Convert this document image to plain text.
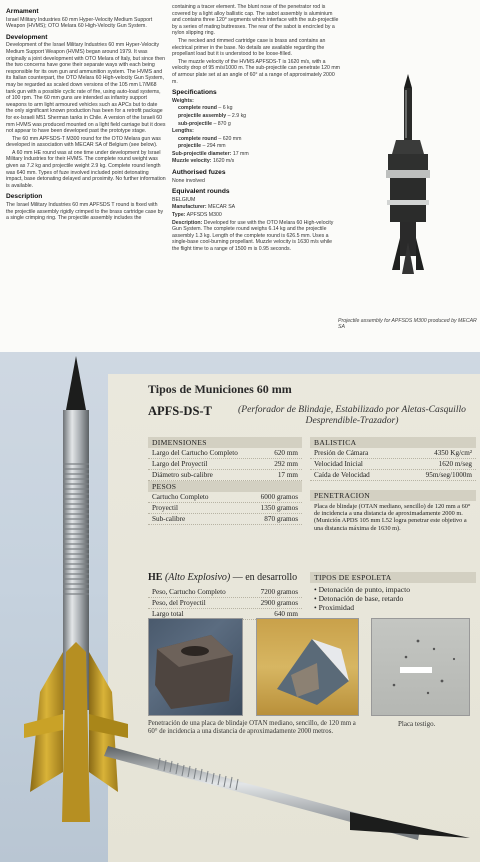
Armament

Israel Military Industries 60 mm Hyper-Velocity Medium Support Weapon (HVMS); OTO Melara 60 High-Velocity Gun System.

Development

Development of the Israel Military Industries 60 mm Hyper-Velocity Medium Support Weapon (HVMS) began around 1979. It was originally a joint development with OTO Melara of Italy, but since then the two concerns have gone their separate ways with each being responsible for its own gun and ammunition system. The HVMS and its Italian counterpart, the OTO Melara 60 High-velocity Gun System, may be regarded as scaled down versions of the 105 mm L7/M68 tank gun with a possible cyclic rate of fire, using auto-load systems, of 100 rpm. The 60 mm guns are intended as infantry support weapons to arm light armoured vehicles such as APCs but to date the only significant known production has been for a retrofit package for ex-Israeli M51 Sherman tanks in Chile. A version of the Israeli 60 mm HVMS was produced mounted on a light field carriage but it does not appear to have been developed past the prototype stage.

The 60 mm APFSDS-T M300 round for the OTO Melara gun was developed in association with MECAR SA of Belgium (see below).

A 60 mm HE round was at one time under development by Israel Military Industries for their HVMS. The complete round weight was given as 7.2 kg and projectile weight 2.9 kg. Complete round length was 640 mm. Types of fuze involved included point detonating impact, base detonating delayed and proximity. No further information is available.

Description

The Israel Military Industries 60 mm APFSDS T round is fixed with the projectile assembly rigidly crimped to the brass cartridge case by a single crimping ring. The projectile assembly includes the

containing a tracer element. The blunt nose of the penetrator rod is covered by a light alloy ballistic cap. The sabot assembly is aluminium and contains three 120° segments which interface with the sub-projectile by a series of mating buttresses. The rear of the sabot is encircled by a nylon slipping ring.

The necked and rimmed cartridge case is brass and contains an electrical primer in the base. No details are available regarding the propellant load but it is understood to be loose-filled.

The muzzle velocity of the HVMS APFSDS-T is 1620 m/s, with a velocity drop of 95 m/s/1000 m. The sub-projectile can penetrate 120 mm of armour plate set at an angle of 60° at a range of approximately 2000 m.

Specifications

Weights:

complete round – 6 kg

projectile assembly – 2.9 kg

sub-projectile – 870 g

Lengths:

complete round – 620 mm

projectile – 294 mm

Sub-projectile diameter: 17 mm

Muzzle velocity: 1620 m/s

Authorised fuzes

None involved

Equivalent rounds

BELGIUM

Manufacturer: MECAR SA

Type: APFSDS M300

Description: Developed for use with the OTO Melara 60 High-velocity Gun System. The complete round weighs 6.14 kg and the projectile assembly 1.3 kg. Length of the complete round is 626.5 mm. Uses a single-base cool-burning propellant. Muzzle velocity is 1630 m/s while the flight time to a range of 1500 m is 0.95 seconds.

Projectile assembly for APFSDS M300 produced by MECAR SA
Tipos de Municiones 60 mm
APFS-DS-T	(Perforador de Blindaje, Estabilizado por Aletas-Casquillo Desprendible-Trazador)
DIMENSIONES
Largo del Cartucho Completo	620 mm
Largo del Proyectil	292 mm
Diámetro sub-calibre	17 mm
PESOS
Cartucho Completo	6000 gramos
Proyectil	1350 gramos
Sub-calibre	870 gramos
BALISTICA
Presión de Cámara	4350 Kg/cm²
Velocidad Inicial	1620 m/seg
Caída de Velocidad	95m/seg/1000m
PENETRACION
Placa de blindaje (OTAN mediano, sencillo) de 120 mm a 60° de incidencia a una distancia de aproximadamente 2000 m. (Munición APDS 105 mm L52 logra penetrar este objetivo a una distancia máxima de 1630 m).
HE (Alto Explosivo) — en desarrollo
Peso, Cartucho Completo	7200 gramos
Peso, del Proyectil	2900 gramos
Largo total	640 mm
TIPOS DE ESPOLETA
• Detonación de punto, impacto
• Detonación de base, retardo
• Proximidad
Penetración de una placa de blindaje OTAN mediano, sencillo, de 120 mm a 60° de incidencia a una distancia de aproximadamente 2000 metros.
Placa testigo.
